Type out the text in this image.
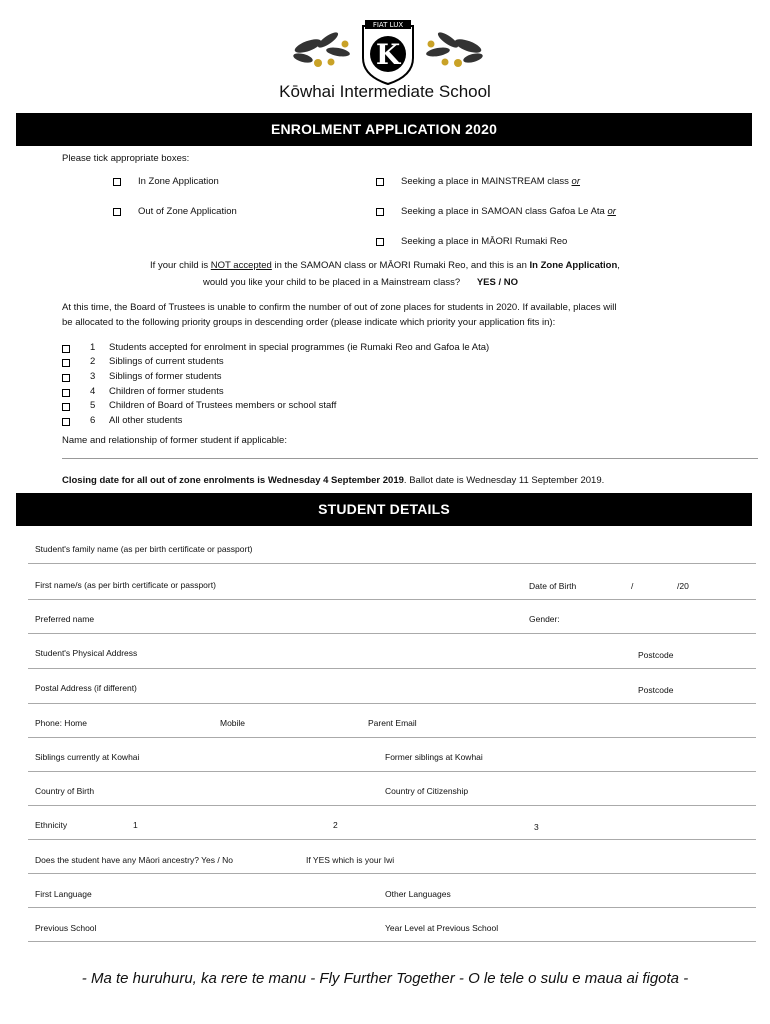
FIAT LUX
K
Kōwhai Intermediate School
ENROLMENT APPLICATION 2020
Please tick appropriate boxes:
In Zone Application
Out of Zone Application
Seeking a place in MAINSTREAM class or
Seeking a place in SAMOAN class Gafoa Le Ata or
Seeking a place in MĀORI Rumaki Reo
If your child is NOT accepted in the SAMOAN class or MĀORI Rumaki Reo, and this is an In Zone Application,
would you like your child to be placed in a Mainstream class? YES / NO
At this time, the Board of Trustees is unable to confirm the number of out of zone places for students in 2020. If available, places will
be allocated to the following priority groups in descending order (please indicate which priority your application fits in):
1 Students accepted for enrolment in special programmes (ie Rumaki Reo and Gafoa le Ata)
2 Siblings of current students
3 Siblings of former students
4 Children of former students
5 Children of Board of Trustees members or school staff
6 All other students
Name and relationship of former student if applicable:
Closing date for all out of zone enrolments is Wednesday 4 September 2019. Ballot date is Wednesday 11 September 2019.
STUDENT DETAILS
Student's family name (as per birth certificate or passport)
First name/s (as per birth certificate or passport)	Date of Birth	/	/20
Preferred name	Gender:
Student's Physical Address	Postcode
Postal Address (if different)	Postcode
Phone: Home	Mobile	Parent Email
Siblings currently at Kowhai	Former siblings at Kowhai
Country of Birth	Country of Citizenship
Ethnicity	1	2	3
Does the student have any Māori ancestry? Yes / No	If YES which is your Iwi
First Language	Other Languages
Previous School	Year Level at Previous School
- Ma te huruhuru, ka rere te manu - Fly Further Together - O le tele o sulu e maua ai figota -
